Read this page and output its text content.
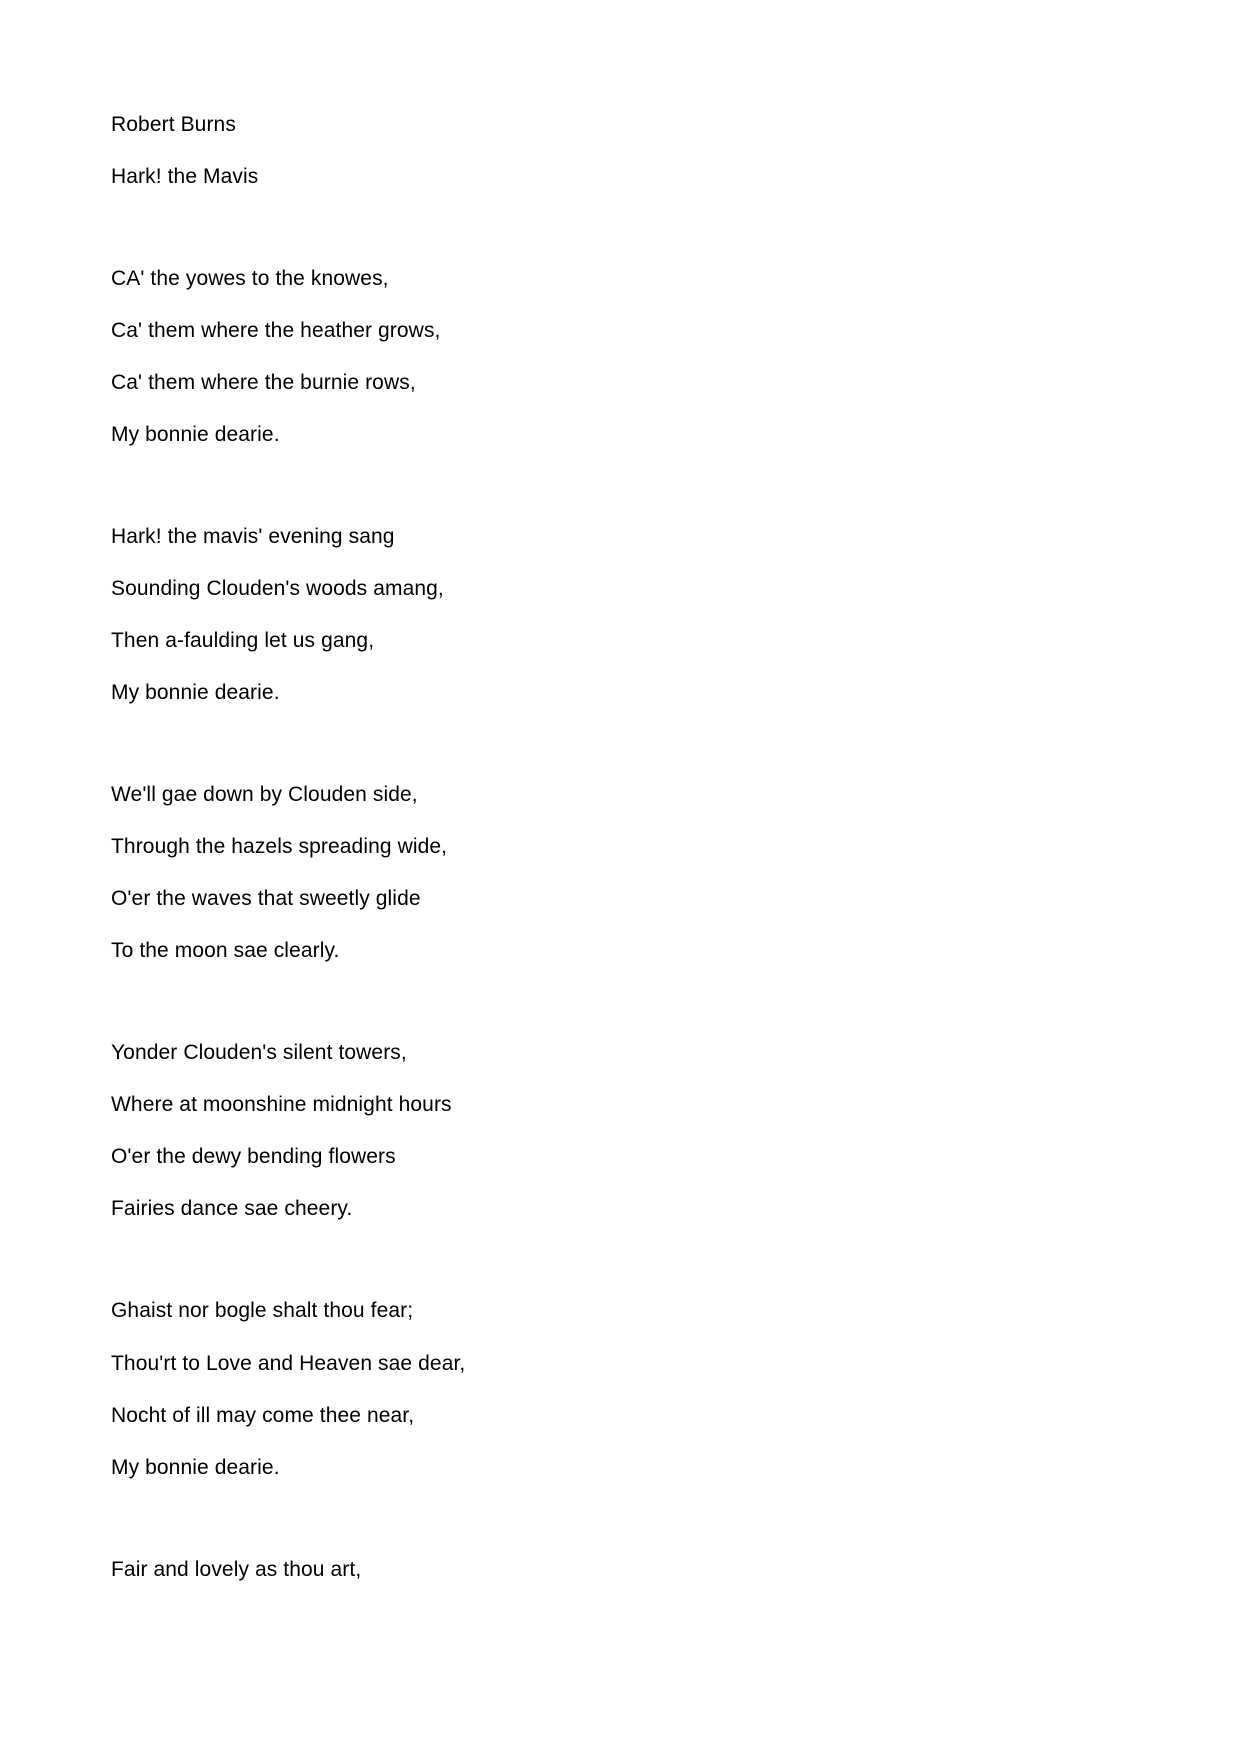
Robert Burns
Hark! the Mavis
CA' the yowes to the knowes,
Ca' them where the heather grows,
Ca' them where the burnie rows,
My bonnie dearie.
Hark! the mavis' evening sang
Sounding Clouden's woods amang,
Then a-faulding let us gang,
My bonnie dearie.
We'll gae down by Clouden side,
Through the hazels spreading wide,
O'er the waves that sweetly glide
To the moon sae clearly.
Yonder Clouden's silent towers,
Where at moonshine midnight hours
O'er the dewy bending flowers
Fairies dance sae cheery.
Ghaist nor bogle shalt thou fear;
Thou'rt to Love and Heaven sae dear,
Nocht of ill may come thee near,
My bonnie dearie.
Fair and lovely as thou art,
